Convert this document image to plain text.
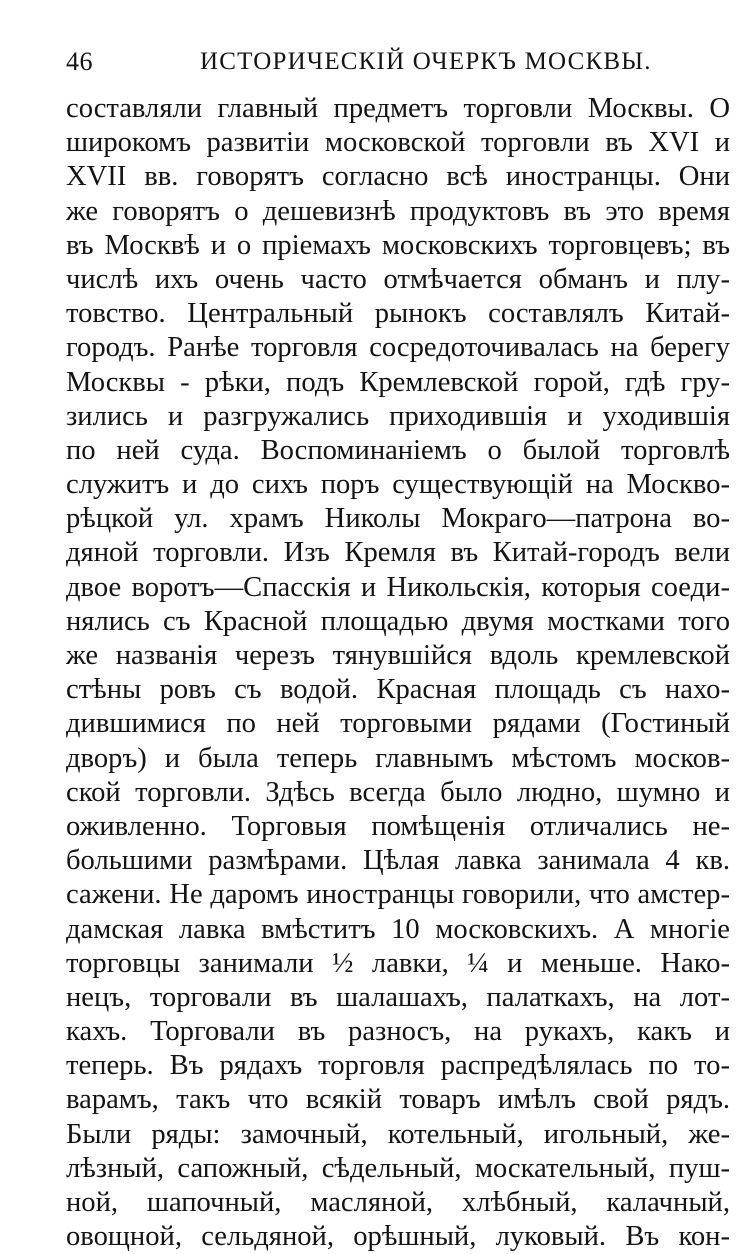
46	ИСТОРИЧЕСКІЙ ОЧЕРКЪ МОСКВЫ.
составляли главный предметъ торговли Москвы. О
широкомъ развитіи московской торговли въ XVI и
XVII вв. говорятъ согласно всѣ иностранцы. Они
же говорятъ о дешевизнѣ продуктовъ въ это время
въ Москвѣ и о пріемахъ московскихъ торговцевъ; въ
числѣ ихъ очень часто отмѣчается обманъ и плу-
товство. Центральный рынокъ составлялъ Китай-
городъ. Ранѣе торговля сосредоточивалась на берегу
Москвы - рѣки, подъ Кремлевской горой, гдѣ гру-
зились и разгружались приходившія и уходившія
по ней суда. Воспоминаніемъ о былой торговлѣ
служитъ и до сихъ поръ существующій на Москво-
рѣцкой ул. храмъ Николы Мокраго—патрона во-
дяной торговли. Изъ Кремля въ Китай-городъ вели
двое воротъ—Спасскія и Никольскія, которыя соеди-
нялись съ Красной площадью двумя мостками того
же названія черезъ тянувшійся вдоль кремлевской
стѣны ровъ съ водой. Красная площадь съ нахо-
дившимися по ней торговыми рядами (Гостиный
дворъ) и была теперь главнымъ мѣстомъ москов-
ской торговли. Здѣсь всегда было людно, шумно и
оживленно. Торговыя помѣщенія отличались не-
большими размѣрами. Цѣлая лавка занимала 4 кв.
сажени. Не даромъ иностранцы говорили, что амстер-
дамская лавка вмѣститъ 10 московскихъ. А многіе
торговцы занимали ½ лавки, ¼ и меньше. Нако-
нецъ, торговали въ шалашахъ, палаткахъ, на лот-
кахъ. Торговали въ разносъ, на рукахъ, какъ и
теперь. Въ рядахъ торговля распредѣлялась по то-
варамъ, такъ что всякій товаръ имѣлъ свой рядъ.
Были ряды: замочный, котельный, игольный, же-
лѣзный, сапожный, сѣдельный, москательный, пуш-
ной, шапочный, масляной, хлѣбный, калачный,
овощной, сельдяной, орѣшный, луковый. Въ кон-
